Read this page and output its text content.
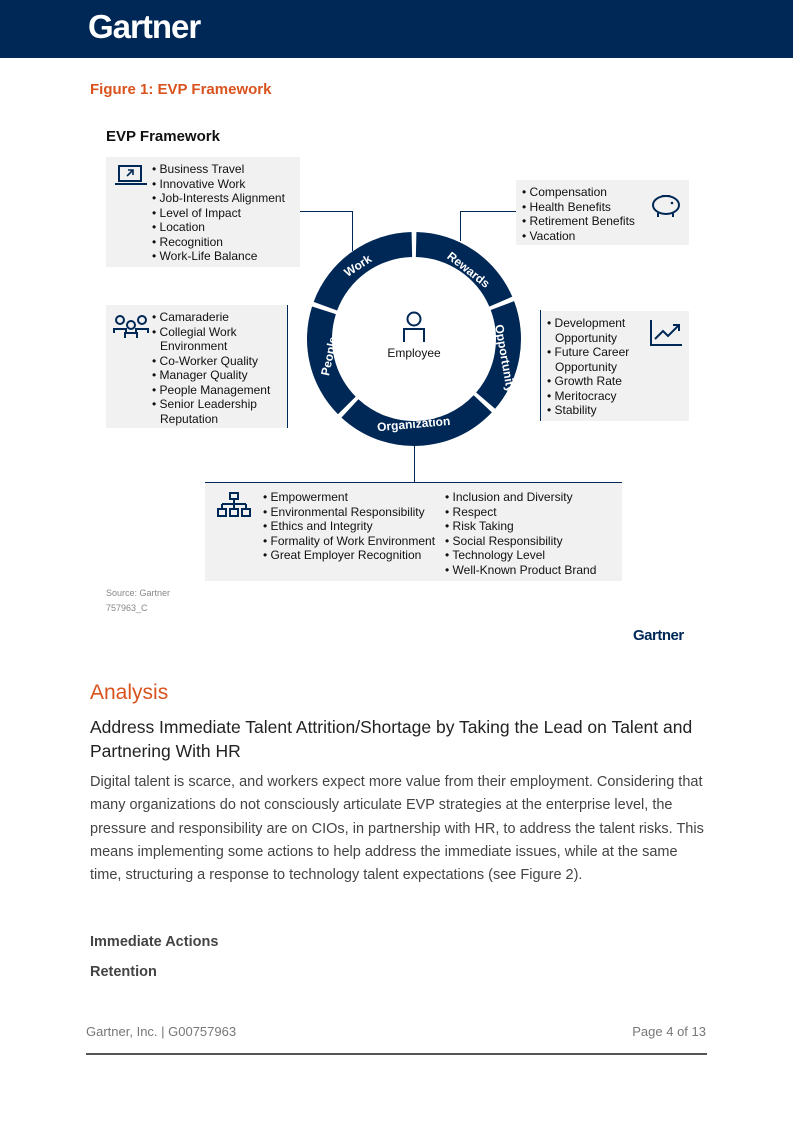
Gartner
Figure 1: EVP Framework
EVP Framework
• Business Travel
• Innovative Work
• Job-Interests Alignment
• Level of Impact
• Location
• Recognition
• Work-Life Balance
• Compensation
• Health Benefits
• Retirement Benefits
• Vacation
• Camaraderie
• Collegial Work Environment
• Co-Worker Quality
• Manager Quality
• People Management
• Senior Leadership Reputation
• Development Opportunity
• Future Career Opportunity
• Growth Rate
• Meritocracy
• Stability
• Empowerment
• Environmental Responsibility
• Ethics and Integrity
• Formality of Work Environment
• Great Employer Recognition
• Inclusion and Diversity
• Respect
• Risk Taking
• Social Responsibility
• Technology Level
• Well-Known Product Brand
Work	Rewards
Opportunity
Organization
People	Employee
Source: Gartner
757963_C
Gartner
Analysis
Address Immediate Talent Attrition/Shortage by Taking the Lead on Talent and Partnering With HR
Digital talent is scarce, and workers expect more value from their employment. Considering that many organizations do not consciously articulate EVP strategies at the enterprise level, the pressure and responsibility are on CIOs, in partnership with HR, to address the talent risks. This means implementing some actions to help address the immediate issues, while at the same time, structuring a response to technology talent expectations (see Figure 2).
Immediate Actions
Retention
Gartner, Inc. | G00757963	Page 4 of 13
